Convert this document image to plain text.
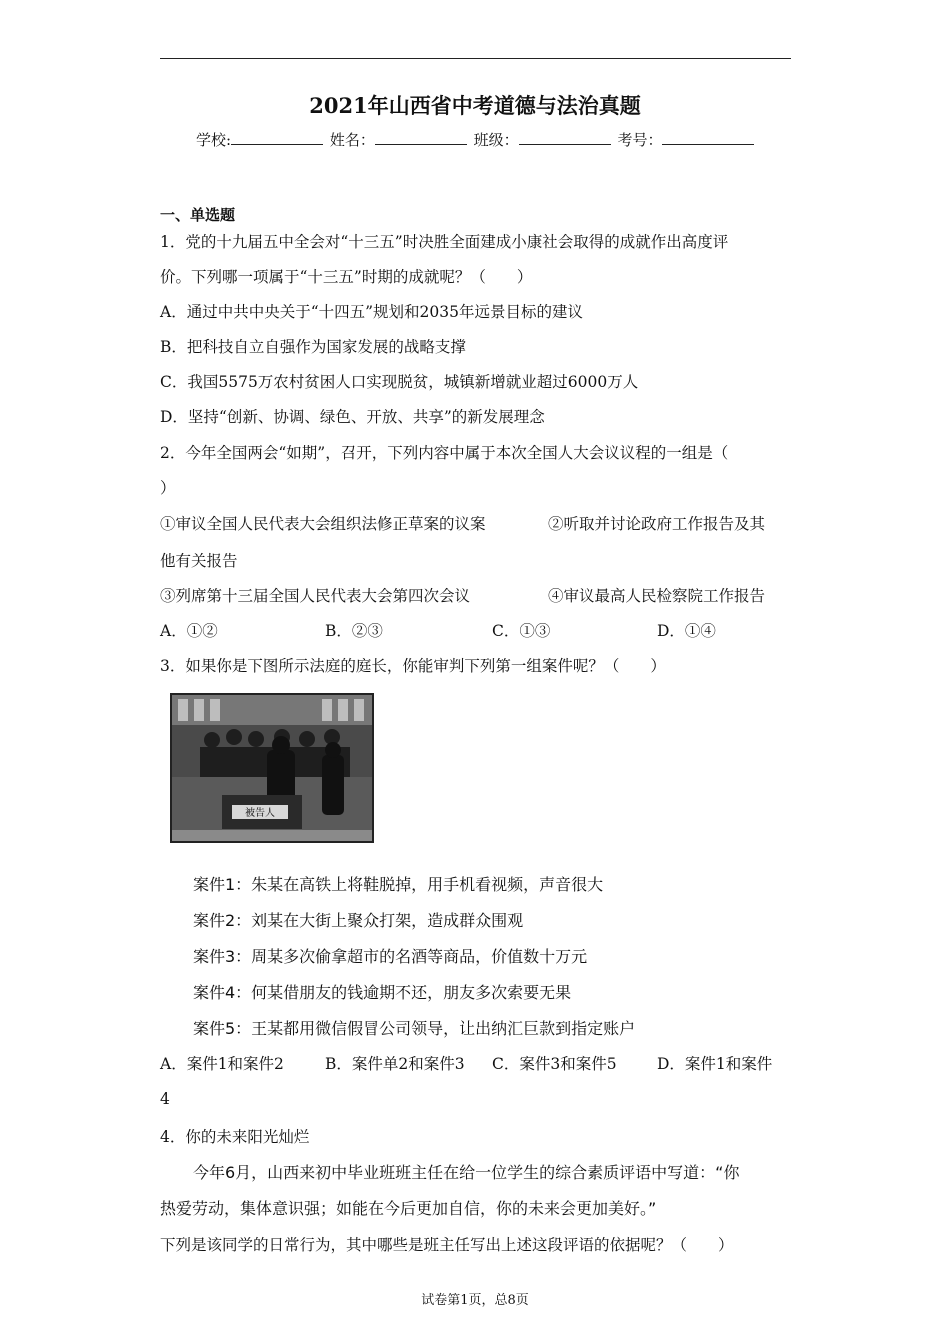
2021年山西省中考道德与法治真题
学校:	姓名：	班级：	考号：
一、单选题
1．党的十九届五中全会对“十三五”时决胜全面建成小康社会取得的成就作出高度评
价。下列哪一项属于“十三五”时期的成就呢？（　　）
A．通过中共中央关于“十四五”规划和2035年远景目标的建议
B．把科技自立自强作为国家发展的战略支撑
C．我国5575万农村贫困人口实现脱贫，城镇新增就业超过6000万人
D．坚持“创新、协调、绿色、开放、共享”的新发展理念
2．今年全国两会“如期”，召开，下列内容中属于本次全国人大会议议程的一组是（
）
①审议全国人民代表大会组织法修正草案的议案	②听取并讨论政府工作报告及其
他有关报告
③列席第十三届全国人民代表大会第四次会议	④审议最高人民检察院工作报告
A．①②	B．②③	C．①③	D．①④
3．如果你是下图所示法庭的庭长，你能审判下列第一组案件呢？（　　）
被告人
案件1：朱某在高铁上将鞋脱掉，用手机看视频，声音很大
案件2：刘某在大街上聚众打架，造成群众围观
案件3：周某多次偷拿超市的名酒等商品，价值数十万元
案件4：何某借朋友的钱逾期不还，朋友多次索要无果
案件5：王某都用微信假冒公司领导，让出纳汇巨款到指定账户
A．案件1和案件2	B．案件单2和案件3 C．案件3和案件5	D．案件1和案件
4
4．你的未来阳光灿烂
今年6月，山西来初中毕业班班主任在给一位学生的综合素质评语中写道：“你
热爱劳动，集体意识强；如能在今后更加自信，你的未来会更加美好。”
下列是该同学的日常行为，其中哪些是班主任写出上述这段评语的依据呢？（　　）
试卷第1页，总8页
